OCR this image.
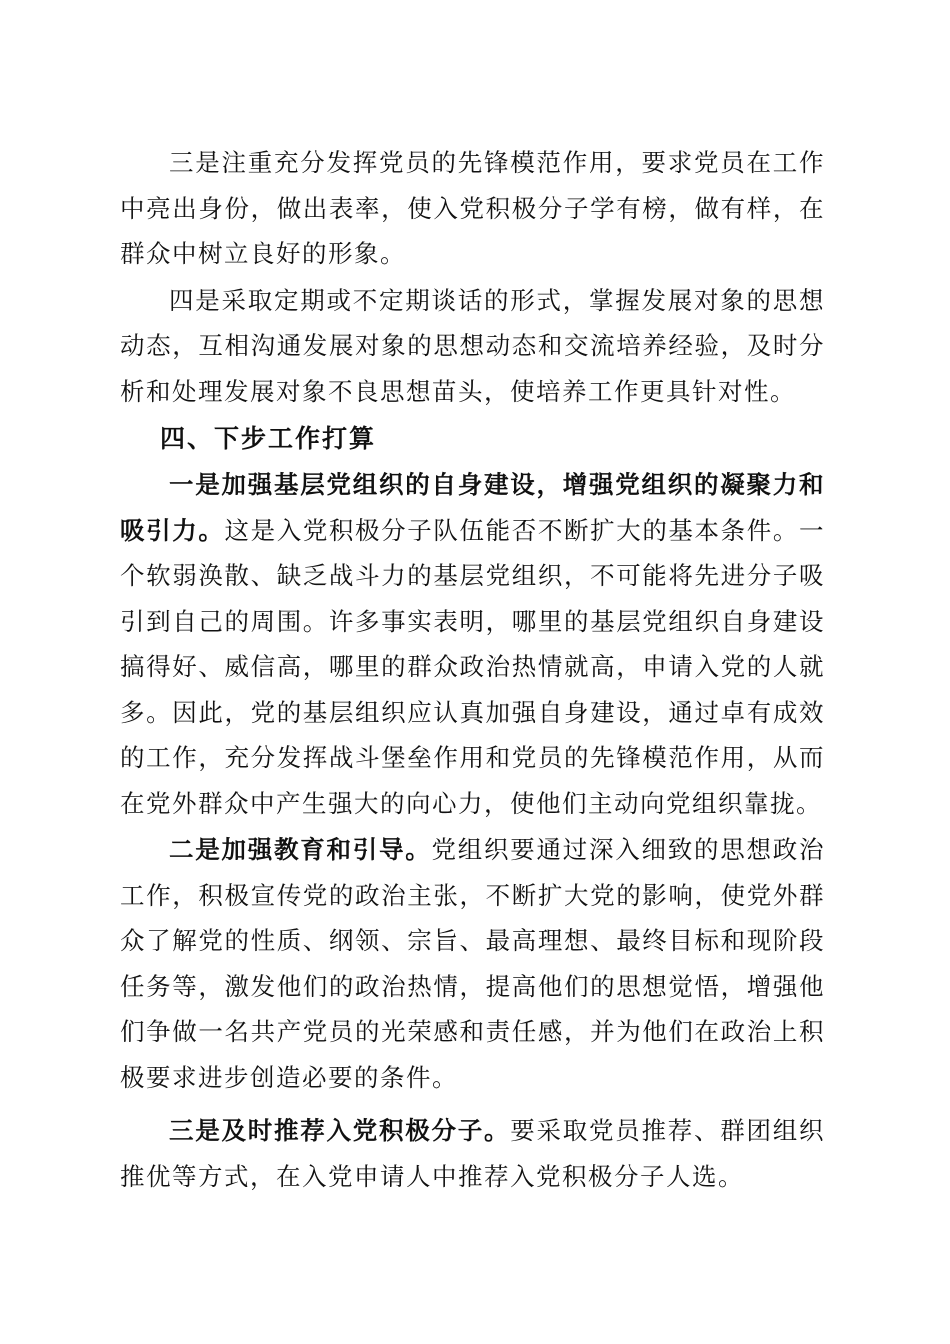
三是注重充分发挥党员的先锋模范作用，要求党员在工作中亮出身份，做出表率，使入党积极分子学有榜，做有样，在群众中树立良好的形象。

四是采取定期或不定期谈话的形式，掌握发展对象的思想动态，互相沟通发展对象的思想动态和交流培养经验，及时分析和处理发展对象不良思想苗头，使培养工作更具针对性。

四、下步工作打算

一是加强基层党组织的自身建设，增强党组织的凝聚力和吸引力。这是入党积极分子队伍能否不断扩大的基本条件。一个软弱涣散、缺乏战斗力的基层党组织，不可能将先进分子吸引到自己的周围。许多事实表明，哪里的基层党组织自身建设搞得好、威信高，哪里的群众政治热情就高，申请入党的人就多。因此，党的基层组织应认真加强自身建设，通过卓有成效的工作，充分发挥战斗堡垒作用和党员的先锋模范作用，从而在党外群众中产生强大的向心力，使他们主动向党组织靠拢。

二是加强教育和引导。党组织要通过深入细致的思想政治工作，积极宣传党的政治主张，不断扩大党的影响，使党外群众了解党的性质、纲领、宗旨、最高理想、最终目标和现阶段任务等，激发他们的政治热情，提高他们的思想觉悟，增强他们争做一名共产党员的光荣感和责任感，并为他们在政治上积极要求进步创造必要的条件。

三是及时推荐入党积极分子。要采取党员推荐、群团组织推优等方式，在入党申请人中推荐入党积极分子人选。
